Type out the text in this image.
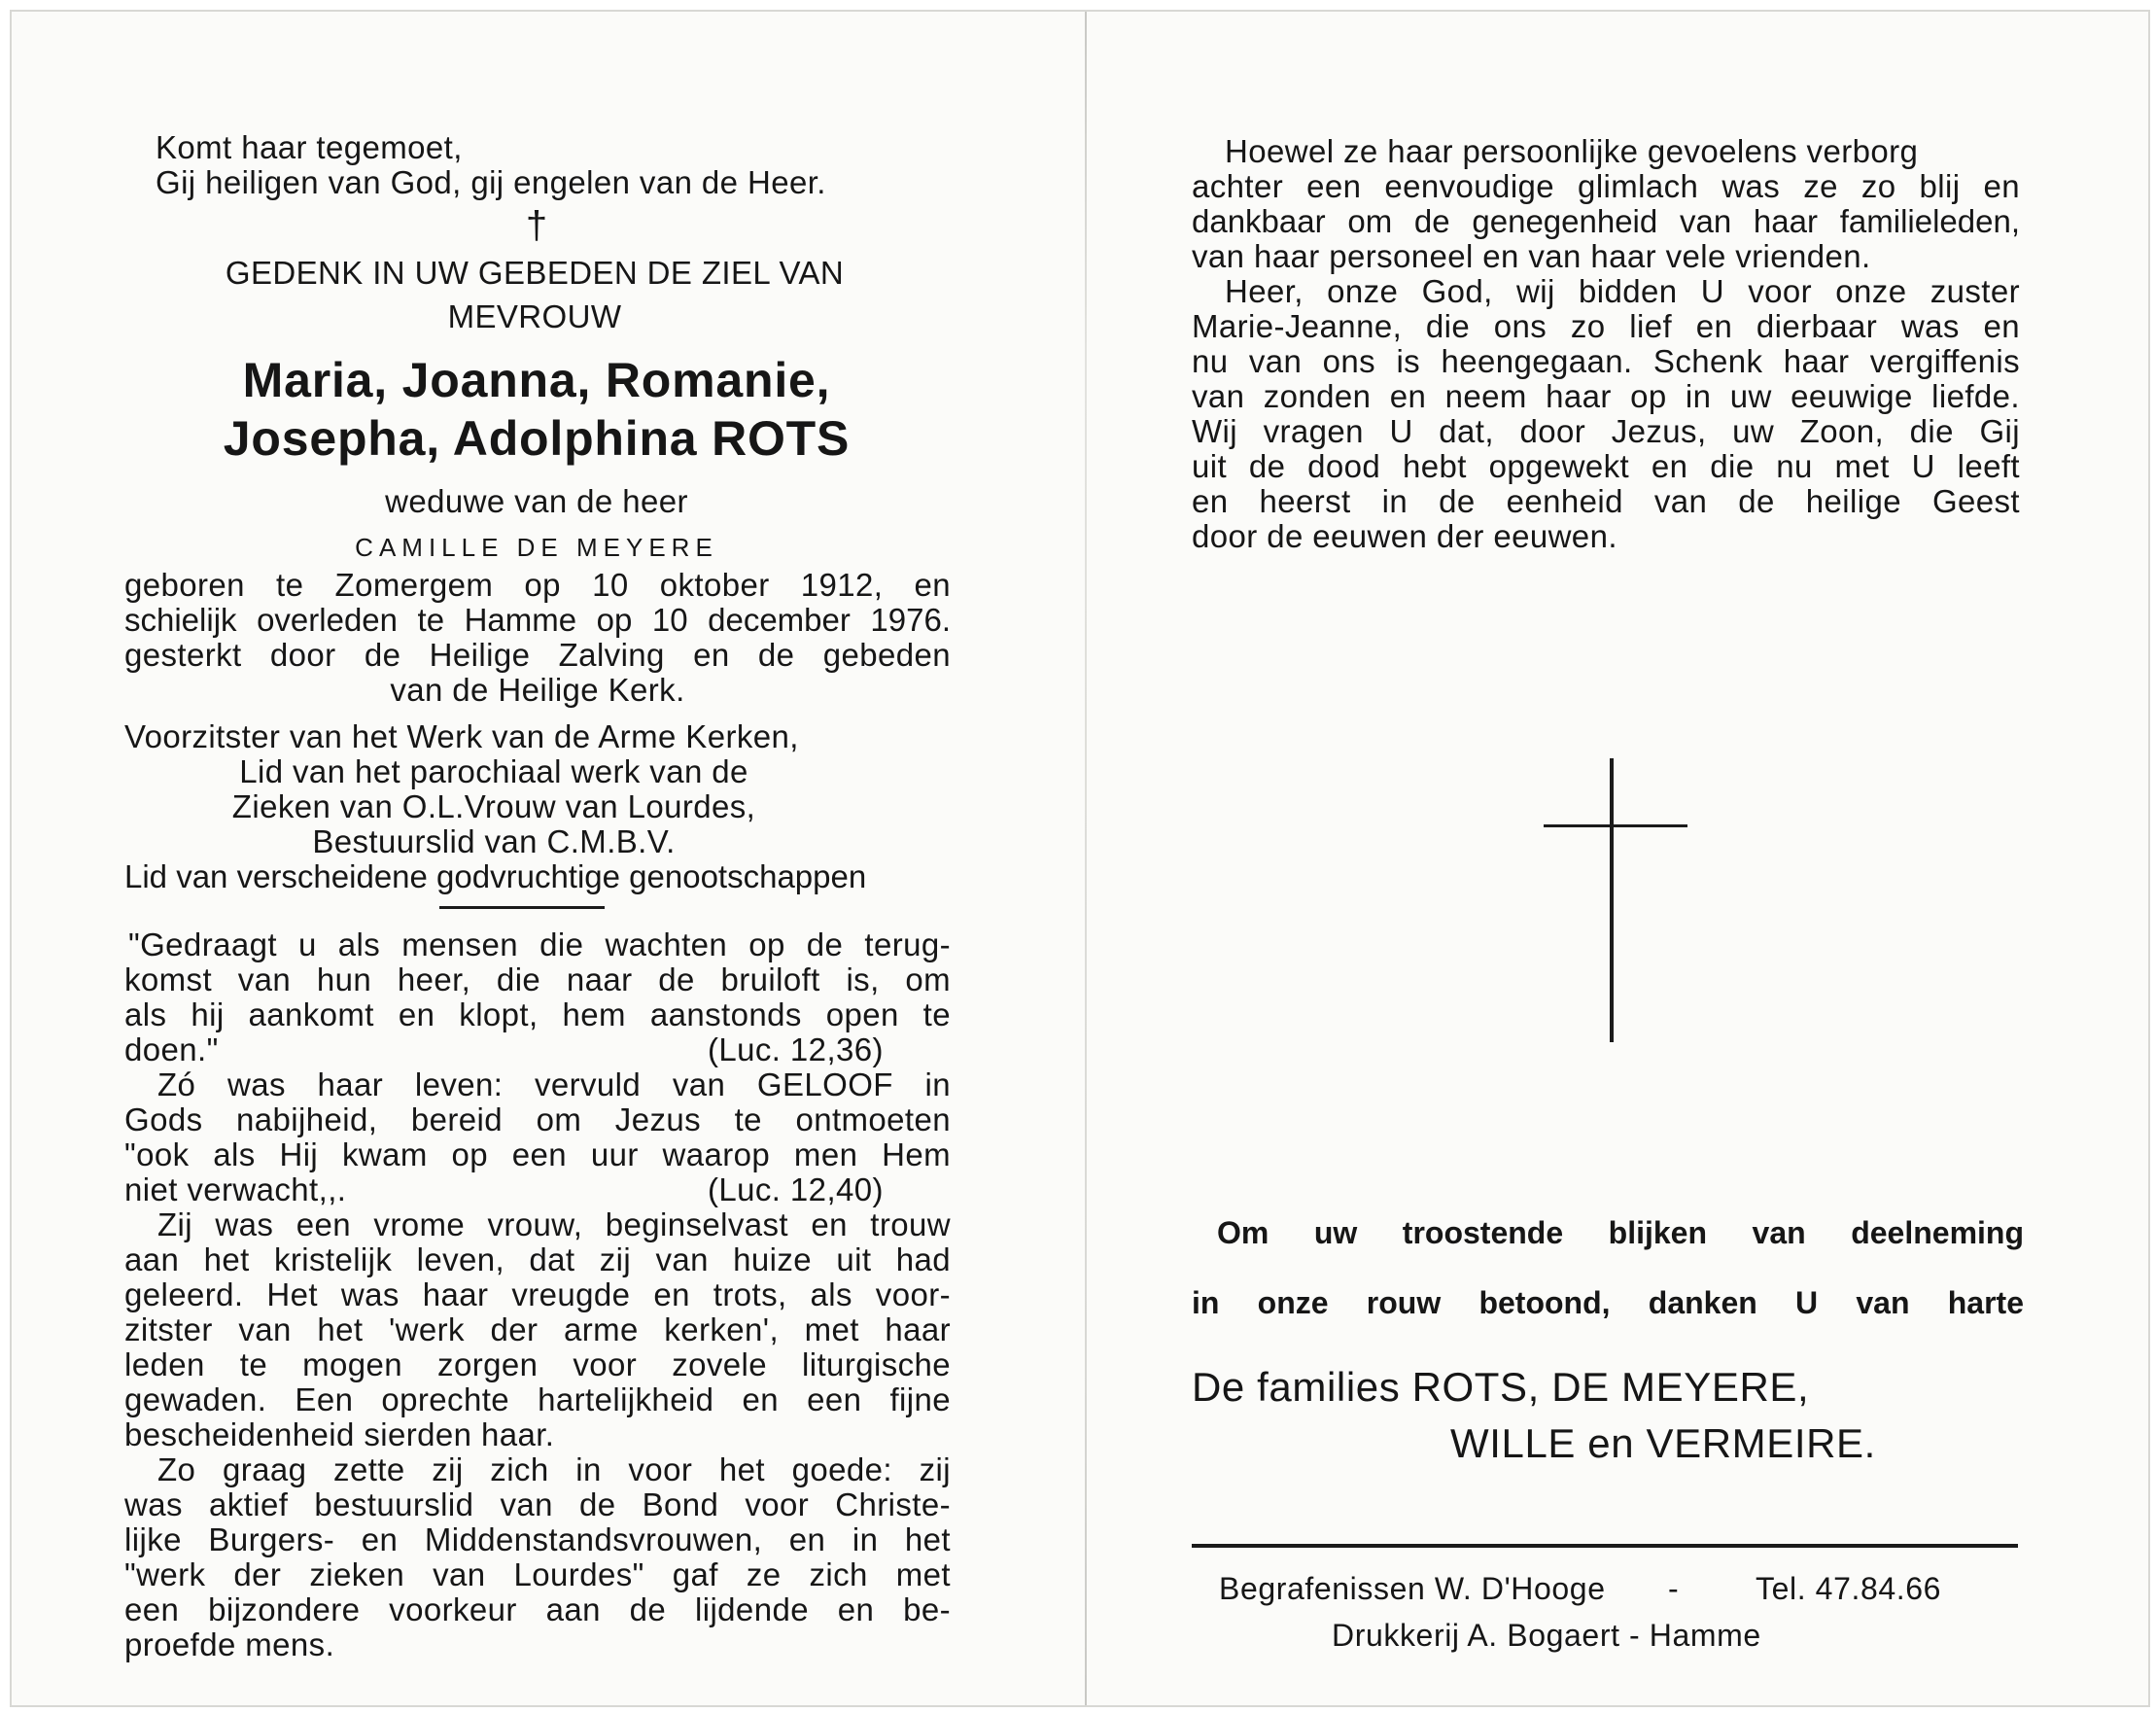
Komt haar tegemoet,

Gij heiligen van God, gij engelen van de Heer.

†

GEDENK IN UW GEBEDEN DE ZIEL VAN

MEVROUW

Maria, Joanna, Romanie,

Josepha, Adolphina ROTS

weduwe van de heer

CAMILLE DE MEYERE

geboren te Zomergem op 10 oktober 1912, en

schielijk overleden te Hamme op 10 december 1976.

gesterkt door de Heilige Zalving en de gebeden

van de Heilige Kerk.

Voorzitster van het Werk van de Arme Kerken,

Lid van het parochiaal werk van de

Zieken van O.L.Vrouw van Lourdes,

Bestuurslid van C.M.B.V.

Lid van verscheidene godvruchtige genootschappen

"Gedraagt u als mensen die wachten op de terug-

komst van hun heer, die naar de bruiloft is, om

als hij aankomt en klopt, hem aanstonds open te

doen."	(Luc. 12,36)

Zó was haar leven: vervuld van GELOOF in

Gods nabijheid, bereid om Jezus te ontmoeten

"ook als Hij kwam op een uur waarop men Hem

niet verwacht,,.	(Luc. 12,40)

Zij was een vrome vrouw, beginselvast en trouw

aan het kristelijk leven, dat zij van huize uit had

geleerd. Het was haar vreugde en trots, als voor-

zitster van het 'werk der arme kerken', met haar

leden te mogen zorgen voor zovele liturgische

gewaden. Een oprechte hartelijkheid en een fijne

bescheidenheid sierden haar.

Zo graag zette zij zich in voor het goede: zij

was aktief bestuurslid van de Bond voor Christe-

lijke Burgers- en Middenstandsvrouwen, en in het

"werk der zieken van Lourdes" gaf ze zich met

een bijzondere voorkeur aan de lijdende en be-

proefde mens.

Hoewel ze haar persoonlijke gevoelens verborg

achter een eenvoudige glimlach was ze zo blij en

dankbaar om de genegenheid van haar familieleden,

van haar personeel en van haar vele vrienden.

Heer, onze God, wij bidden U voor onze zuster

Marie-Jeanne, die ons zo lief en dierbaar was en

nu van ons is heengegaan. Schenk haar vergiffenis

van zonden en neem haar op in uw eeuwige liefde.

Wij vragen U dat, door Jezus, uw Zoon, die Gij

uit de dood hebt opgewekt en die nu met U leeft

en heerst in de eenheid van de heilige Geest

door de eeuwen der eeuwen.

Om uw troostende blijken van deelneming

in onze rouw betoond, danken U van harte

De families ROTS, DE MEYERE,

WILLE en VERMEIRE.

Begrafenissen W. D'Hooge - Tel. 47.84.66

Drukkerij A. Bogaert - Hamme
